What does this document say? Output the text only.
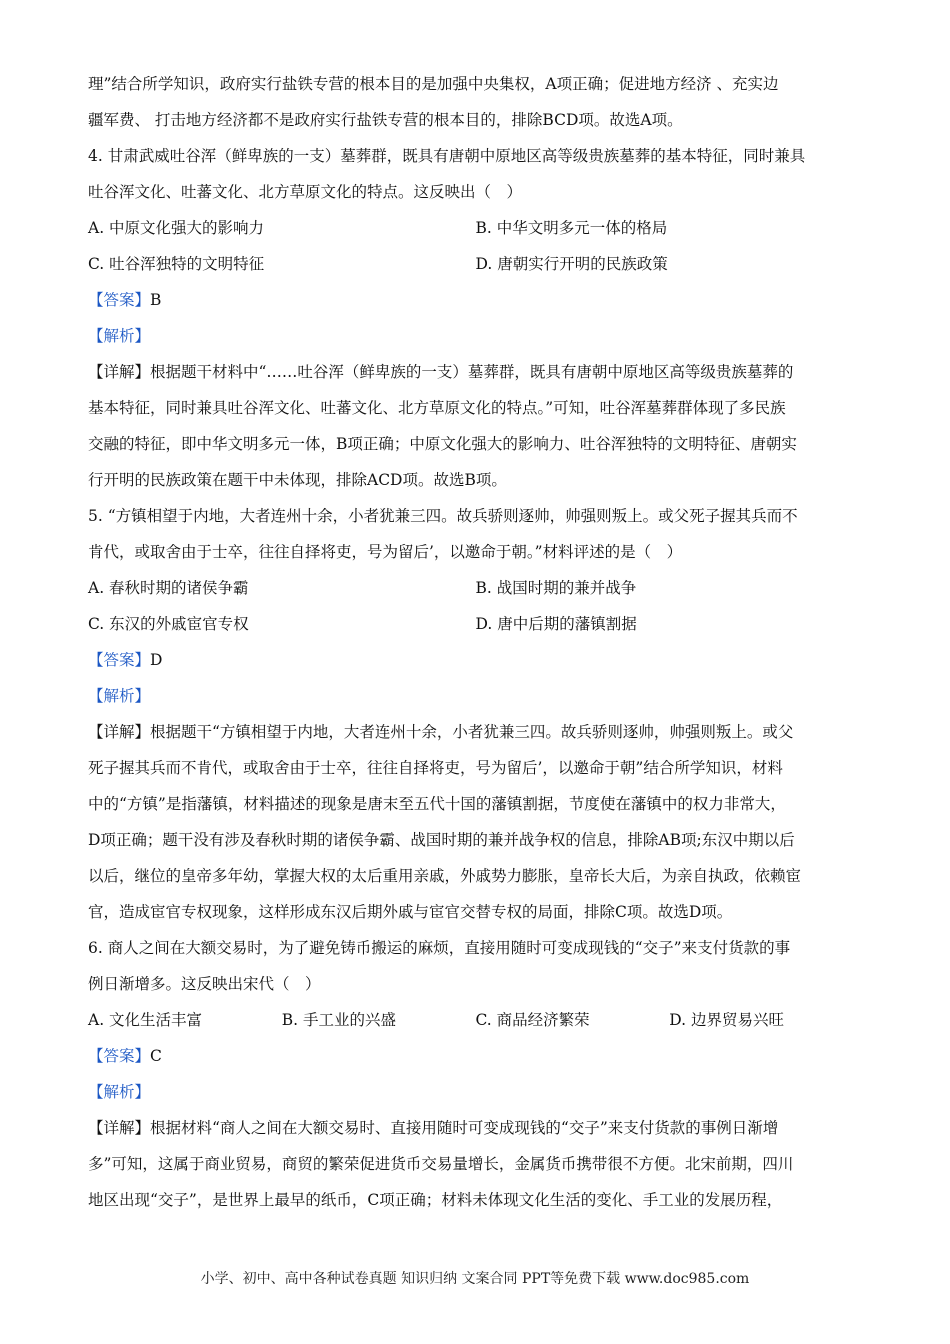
理”结合所学知识，政府实行盐铁专营的根本目的是加强中央集权，A项正确；促进地方经济 、充实边
疆军费、 打击地方经济都不是政府实行盐铁专营的根本目的，排除BCD项。故选A项。
4. 甘肃武威吐谷浑（鲜卑族的一支）墓葬群，既具有唐朝中原地区高等级贵族墓葬的基本特征，同时兼具
吐谷浑文化、吐蕃文化、北方草原文化的特点。这反映出（　）
A. 中原文化强大的影响力	B. 中华文明多元一体的格局
C. 吐谷浑独特的文明特征	D. 唐朝实行开明的民族政策
【答案】B
【解析】
【详解】根据题干材料中“……吐谷浑（鲜卑族的一支）墓葬群，既具有唐朝中原地区高等级贵族墓葬的
基本特征，同时兼具吐谷浑文化、吐蕃文化、北方草原文化的特点。”可知，吐谷浑墓葬群体现了多民族
交融的特征，即中华文明多元一体，B项正确；中原文化强大的影响力、吐谷浑独特的文明特征、唐朝实
行开明的民族政策在题干中未体现，排除ACD项。故选B项。
5. “方镇相望于内地，大者连州十余，小者犹兼三四。故兵骄则逐帅，帅强则叛上。或父死子握其兵而不
肯代，或取舍由于士卒，往往自择将吏，号为留后’，以邀命于朝。”材料评述的是（　）
A. 春秋时期的诸侯争霸	B. 战国时期的兼并战争
C. 东汉的外戚宦官专权	D. 唐中后期的藩镇割据
【答案】D
【解析】
【详解】根据题干“方镇相望于内地，大者连州十余，小者犹兼三四。故兵骄则逐帅，帅强则叛上。或父
死子握其兵而不肯代，或取舍由于士卒，往往自择将吏，号为留后’，以邀命于朝”结合所学知识，材料
中的“方镇”是指藩镇，材料描述的现象是唐末至五代十国的藩镇割据，节度使在藩镇中的权力非常大，
D项正确；题干没有涉及春秋时期的诸侯争霸、战国时期的兼并战争权的信息，排除AB项;东汉中期以后
以后，继位的皇帝多年幼，掌握大权的太后重用亲戚，外戚势力膨胀，皇帝长大后，为亲自执政，依赖宦
官，造成宦官专权现象，这样形成东汉后期外戚与宦官交替专权的局面，排除C项。故选D项。
6. 商人之间在大额交易时，为了避免铸币搬运的麻烦，直接用随时可变成现钱的“交子”来支付货款的事
例日渐增多。这反映出宋代（　）
A. 文化生活丰富	B. 手工业的兴盛	C. 商品经济繁荣	D. 边界贸易兴旺
【答案】C
【解析】
【详解】根据材料“商人之间在大额交易时、直接用随时可变成现钱的“交子”来支付货款的事例日渐增
多”可知，这属于商业贸易，商贸的繁荣促进货币交易量增长，金属货币携带很不方便。北宋前期，四川
地区出现“交子”，是世界上最早的纸币，C项正确；材料未体现文化生活的变化、手工业的发展历程，
小学、初中、高中各种试卷真题 知识归纳 文案合同 PPT等免费下载 www.doc985.com
